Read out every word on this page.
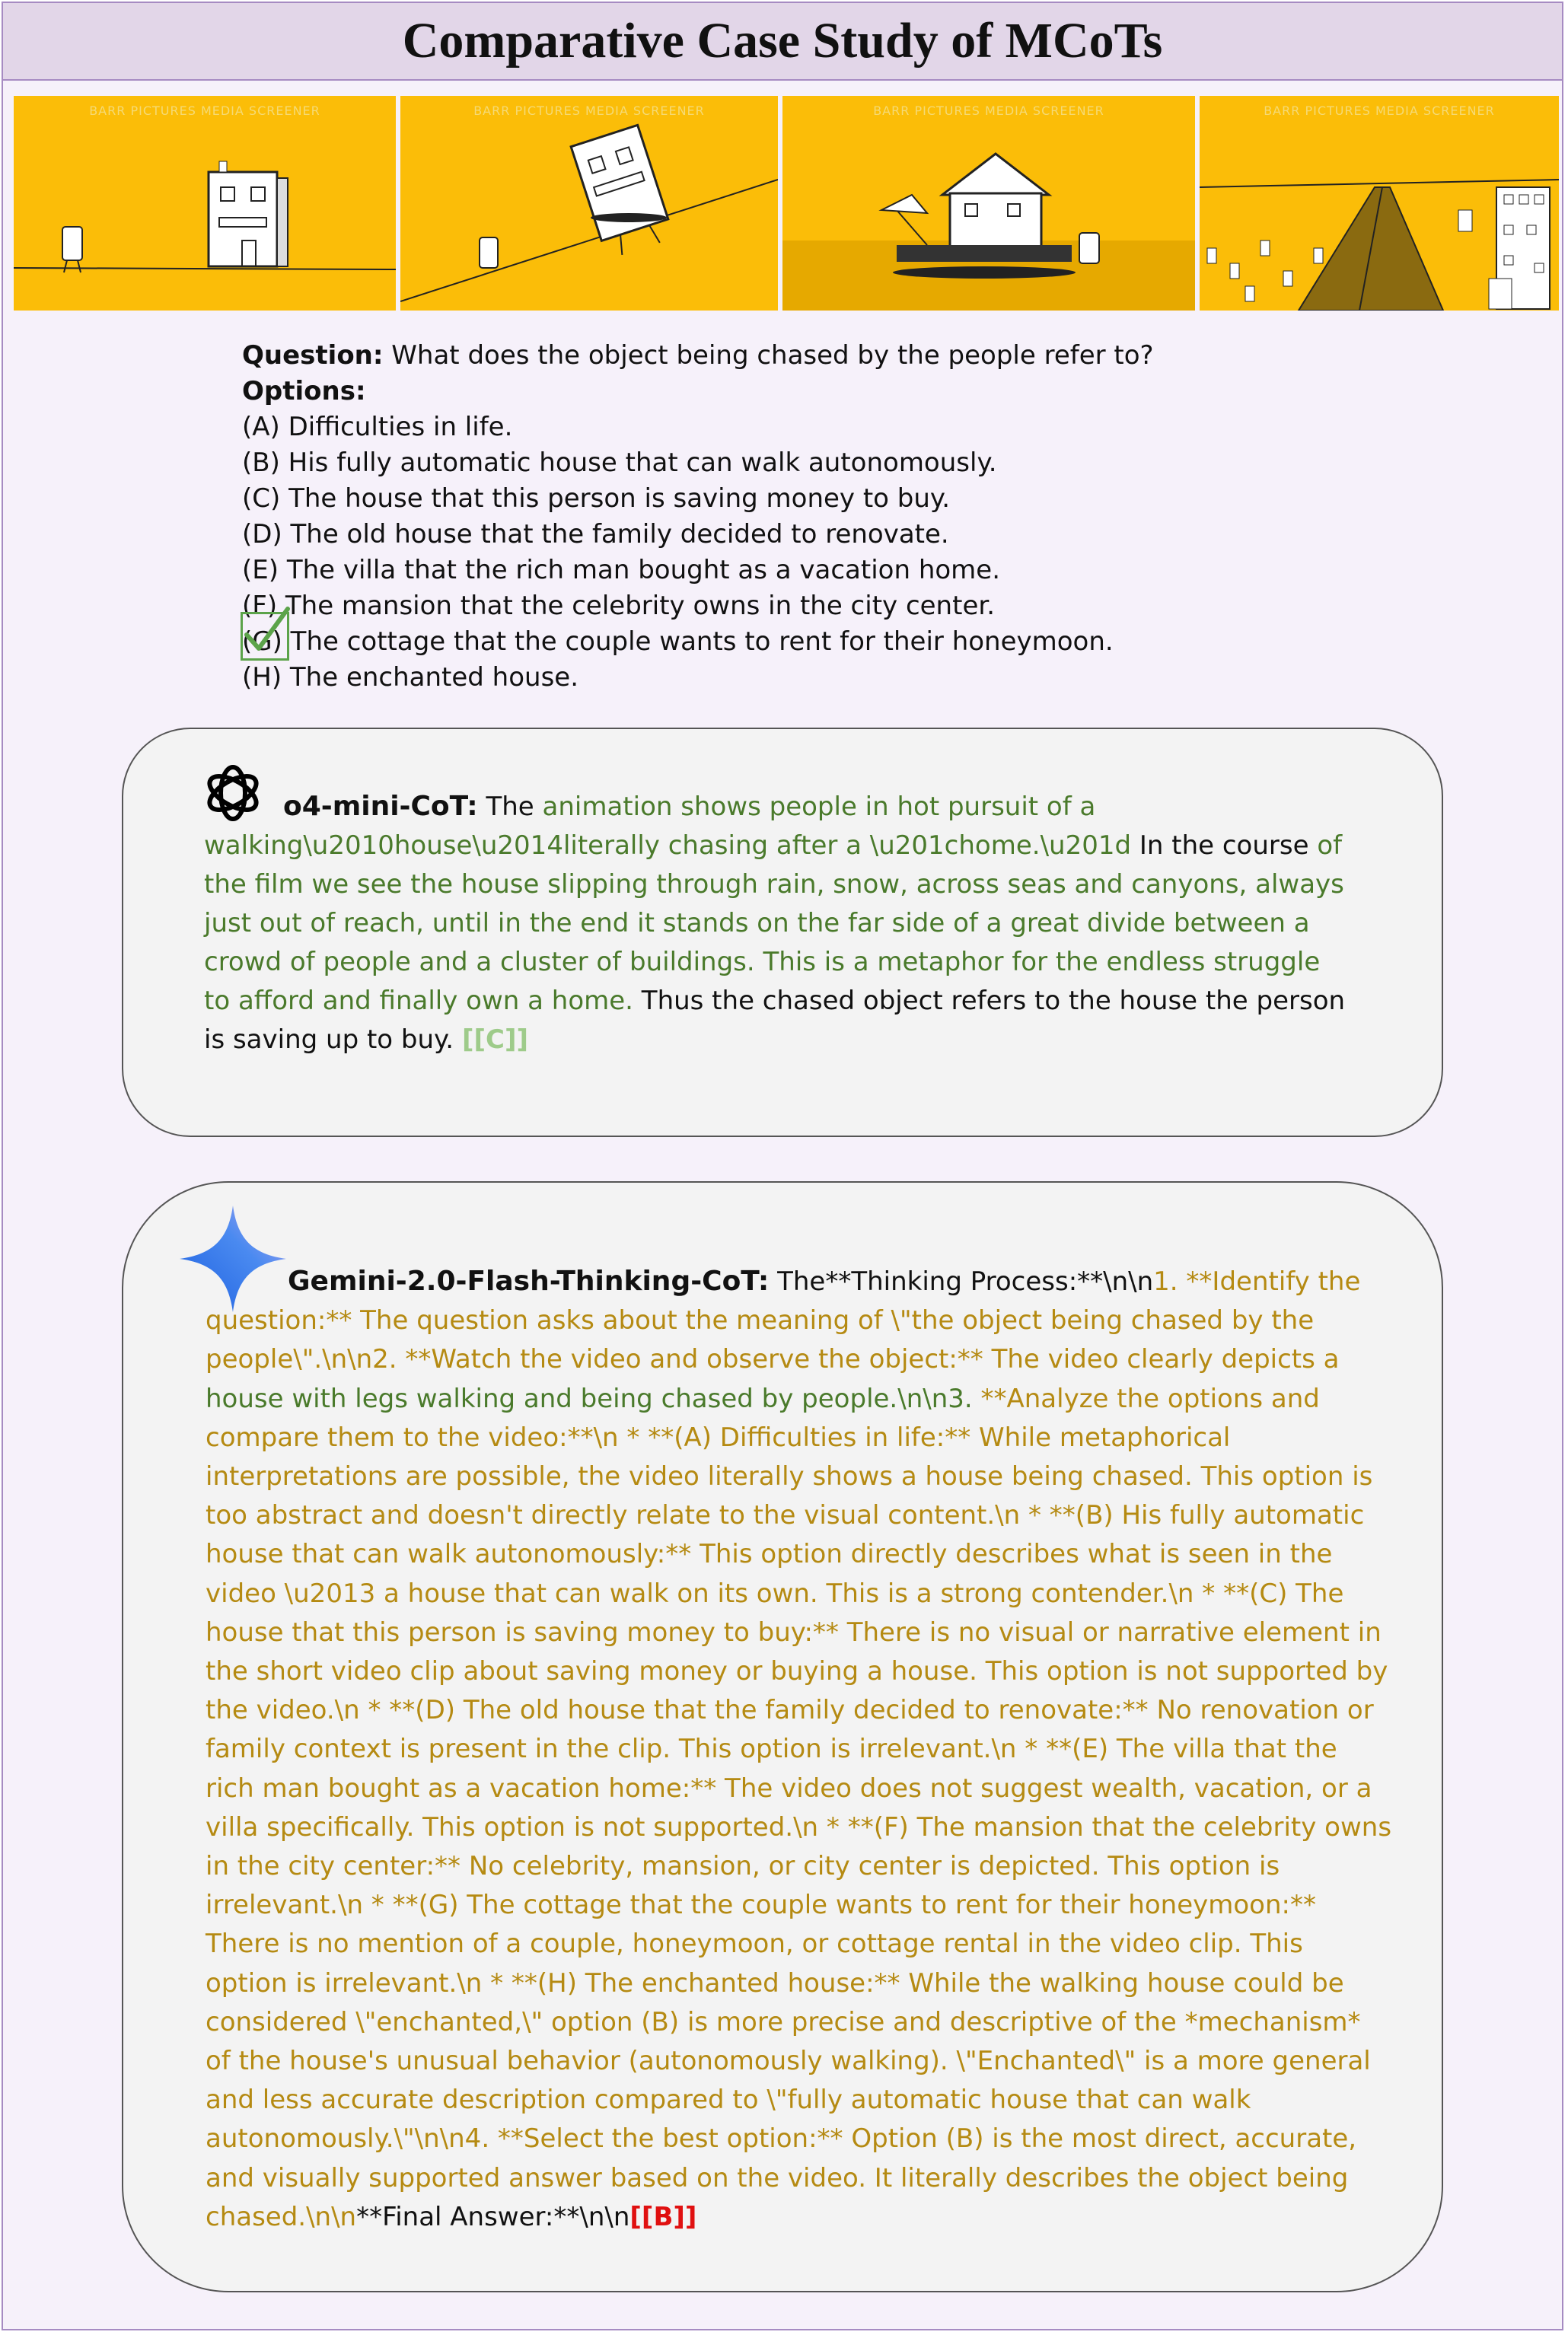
Comparative Case Study of MCoTs
BARR PICTURES MEDIA SCREENER	BARR PICTURES MEDIA SCREENER	BARR PICTURES MEDIA SCREENER	BARR PICTURES MEDIA SCREENER
Question: What does the object being chased by the people refer to?
Options:
(A) Difficulties in life.
(B) His fully automatic house that can walk autonomously.
(C) The house that this person is saving money to buy.
(D) The old house that the family decided to renovate.
(E) The villa that the rich man bought as a vacation home.
(F) The mansion that the celebrity owns in the city center.
(G) The cottage that the couple wants to rent for their honeymoon.
(H) The enchanted house.
o4-mini-CoT: The animation shows people in hot pursuit of a walking\u2010house\u2014literally chasing after a \u201chome.\u201d In the course of the film we see the house slipping through rain, snow, across seas and canyons, always just out of reach, until in the end it stands on the far side of a great divide between a crowd of people and a cluster of buildings. This is a metaphor for the endless struggle to afford and finally own a home. Thus the chased object refers to the house the person is saving up to buy. [[C]]
Gemini-2.0-Flash-Thinking-CoT: The**Thinking Process:**\n\n1. **Identify the question:** The question asks about the meaning of \"the object being chased by the people\".\n\n2. **Watch the video and observe the object:** The video clearly depicts a house with legs walking and being chased by people.\n\n3. **Analyze the options and compare them to the video:**\n * **(A) Difficulties in life:** While metaphorical interpretations are possible, the video literally shows a house being chased. This option is too abstract and doesn't directly relate to the visual content.\n * **(B) His fully automatic house that can walk autonomously:** This option directly describes what is seen in the video \u2013 a house that can walk on its own. This is a strong contender.\n * **(C) The house that this person is saving money to buy:** There is no visual or narrative element in the short video clip about saving money or buying a house. This option is not supported by the video.\n * **(D) The old house that the family decided to renovate:** No renovation or family context is present in the clip. This option is irrelevant.\n * **(E) The villa that the rich man bought as a vacation home:** The video does not suggest wealth, vacation, or a villa specifically. This option is not supported.\n * **(F) The mansion that the celebrity owns in the city center:** No celebrity, mansion, or city center is depicted. This option is irrelevant.\n * **(G) The cottage that the couple wants to rent for their honeymoon:** There is no mention of a couple, honeymoon, or cottage rental in the video clip. This option is irrelevant.\n * **(H) The enchanted house:** While the walking house could be considered \"enchanted,\" option (B) is more precise and descriptive of the *mechanism* of the house's unusual behavior (autonomously walking). \"Enchanted\" is a more general and less accurate description compared to \"fully automatic house that can walk autonomously.\"\n\n4. **Select the best option:** Option (B) is the most direct, accurate, and visually supported answer based on the video. It literally describes the object being chased.\n\n**Final Answer:**\n\n[[B]]
